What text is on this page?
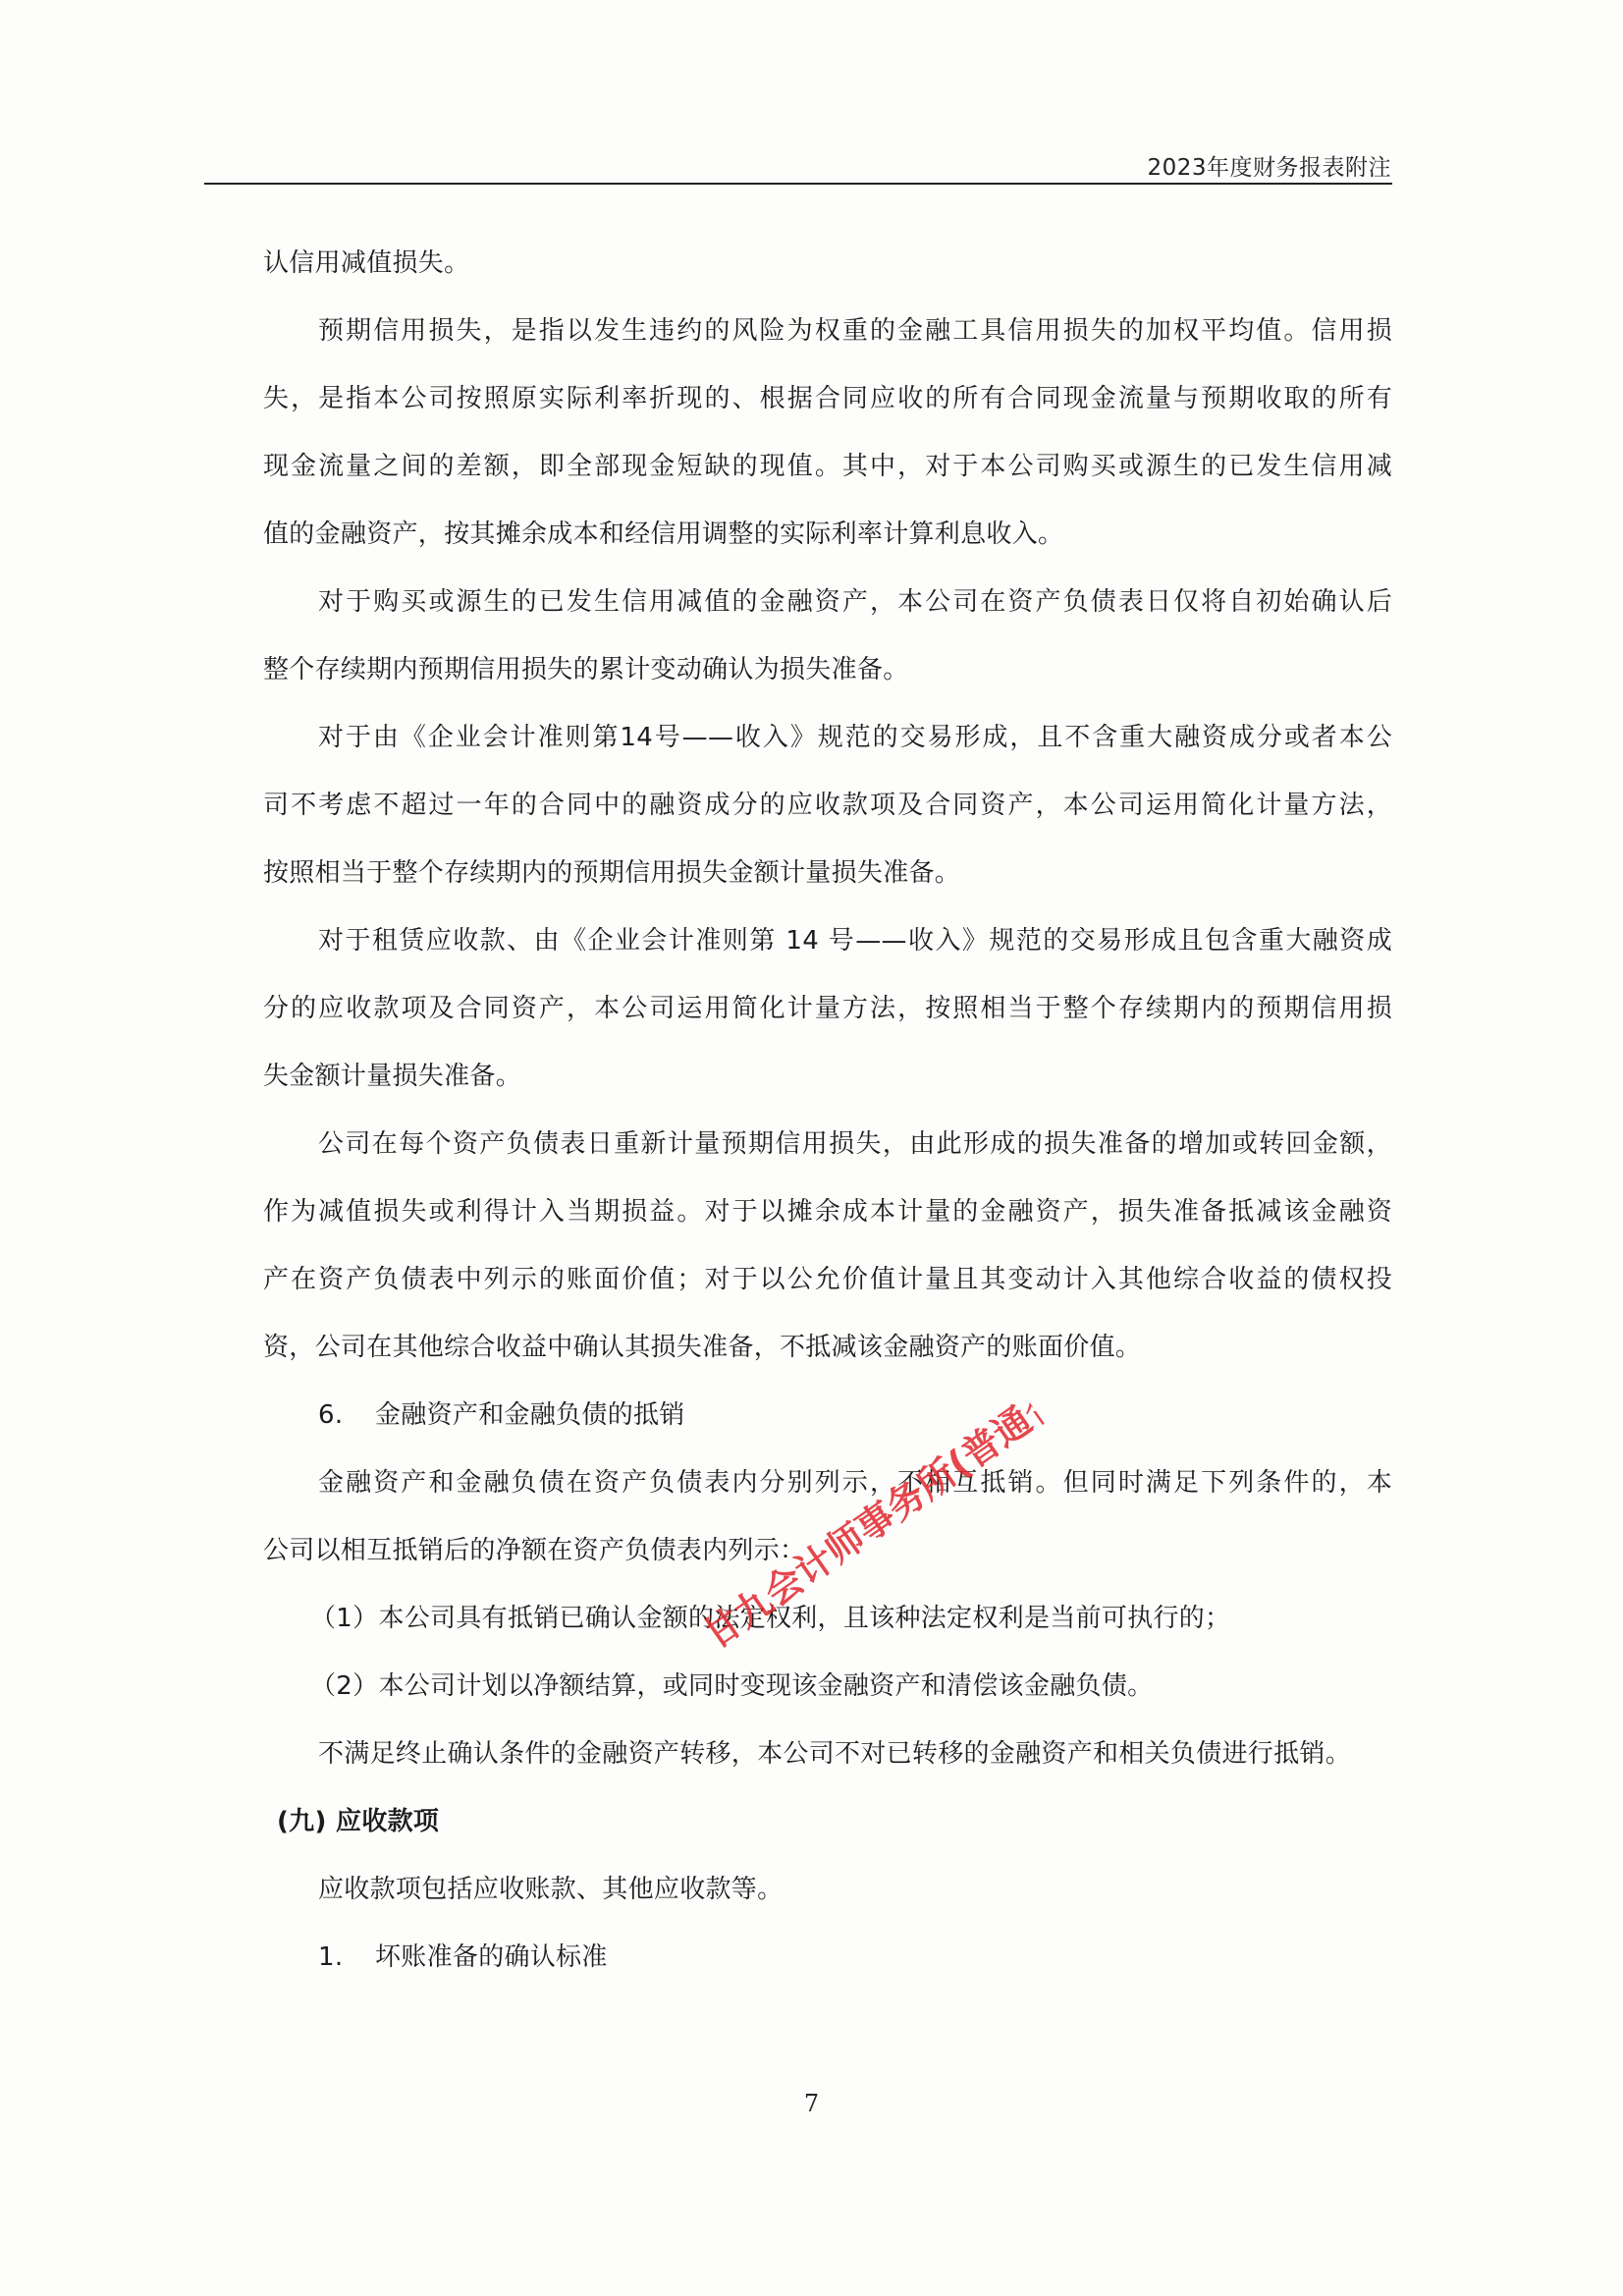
2023年度财务报表附注
认信用减值损失。
预期信用损失，是指以发生违约的风险为权重的金融工具信用损失的加权平均值。信用损
失，是指本公司按照原实际利率折现的、根据合同应收的所有合同现金流量与预期收取的所有
现金流量之间的差额，即全部现金短缺的现值。其中，对于本公司购买或源生的已发生信用减
值的金融资产，按其摊余成本和经信用调整的实际利率计算利息收入。
对于购买或源生的已发生信用减值的金融资产，本公司在资产负债表日仅将自初始确认后
整个存续期内预期信用损失的累计变动确认为损失准备。
对于由《企业会计准则第14号——收入》规范的交易形成，且不含重大融资成分或者本公
司不考虑不超过一年的合同中的融资成分的应收款项及合同资产，本公司运用简化计量方法，
按照相当于整个存续期内的预期信用损失金额计量损失准备。
对于租赁应收款、由《企业会计准则第 14 号——收入》规范的交易形成且包含重大融资成
分的应收款项及合同资产，本公司运用简化计量方法，按照相当于整个存续期内的预期信用损
失金额计量损失准备。
公司在每个资产负债表日重新计量预期信用损失，由此形成的损失准备的增加或转回金额，
作为减值损失或利得计入当期损益。对于以摊余成本计量的金融资产，损失准备抵减该金融资
产在资产负债表中列示的账面价值；对于以公允价值计量且其变动计入其他综合收益的债权投
资，公司在其他综合收益中确认其损失准备，不抵减该金融资产的账面价值。
6. 金融资产和金融负债的抵销
金融资产和金融负债在资产负债表内分别列示，不相互抵销。但同时满足下列条件的，本
公司以相互抵销后的净额在资产负债表内列示：
（1）本公司具有抵销已确认金额的法定权利，且该种法定权利是当前可执行的；
（2）本公司计划以净额结算，或同时变现该金融资产和清偿该金融负债。
不满足终止确认条件的金融资产转移，本公司不对已转移的金融资产和相关负债进行抵销。
(九) 应收款项
应收款项包括应收账款、其他应收款等。
1. 坏账准备的确认标准
北京甘九会计师事务所(普通合伙)
7
